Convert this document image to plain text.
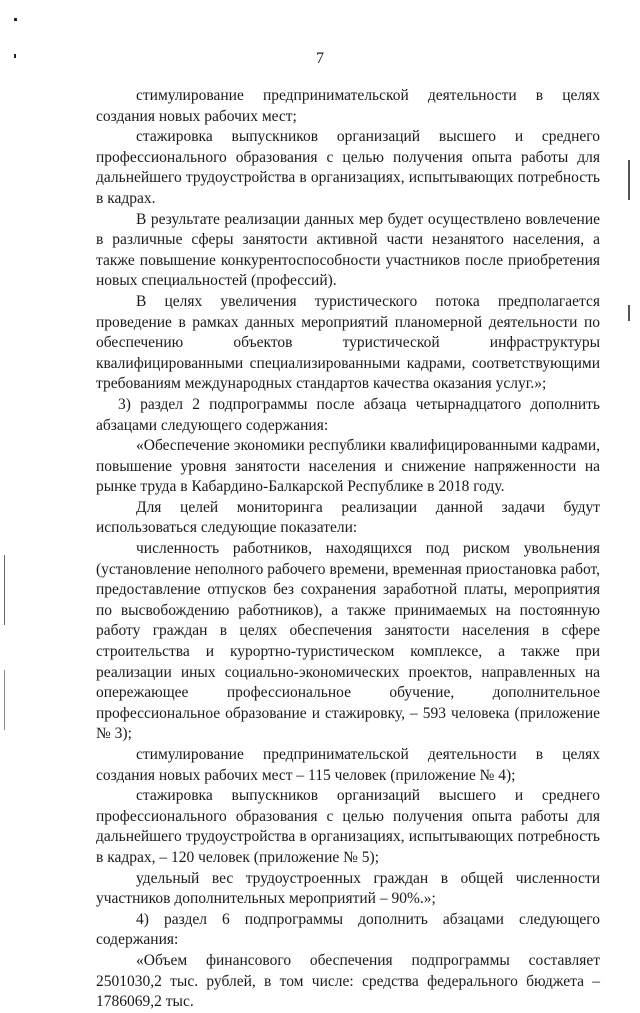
7

стимулирование предпринимательской деятельности в целях создания новых рабочих мест;

стажировка выпускников организаций высшего и среднего профессионального образования с целью получения опыта работы для дальнейшего трудоустройства в организациях, испытывающих потребность в кадрах.

В результате реализации данных мер будет осуществлено вовлечение в различные сферы занятости активной части незанятого населения, а также повышение конкурентоспособности участников после приобретения новых специальностей (профессий).

В целях увеличения туристического потока предполагается проведение в рамках данных мероприятий планомерной деятельности по обеспечению объектов туристической инфраструктуры квалифицированными специализированными кадрами, соответствующими требованиям международных стандартов качества оказания услуг.»;

3) раздел 2 подпрограммы после абзаца четырнадцатого дополнить абзацами следующего содержания:

«Обеспечение экономики республики квалифицированными кадрами, повышение уровня занятости населения и снижение напряженности на рынке труда в Кабардино-Балкарской Республике в 2018 году.

Для целей мониторинга реализации данной задачи будут использоваться следующие показатели:

численность работников, находящихся под риском увольнения (установление неполного рабочего времени, временная приостановка работ, предоставление отпусков без сохранения заработной платы, мероприятия по высвобождению работников), а также принимаемых на постоянную работу граждан в целях обеспечения занятости населения в сфере строительства и курортно-туристическом комплексе, а также при реализации иных социально-экономических проектов, направленных на опережающее профессиональное обучение, дополнительное профессиональное образование и стажировку, – 593 человека (приложение № 3);

стимулирование предпринимательской деятельности в целях создания новых рабочих мест – 115 человек (приложение № 4);

стажировка выпускников организаций высшего и среднего профессионального образования с целью получения опыта работы для дальнейшего трудоустройства в организациях, испытывающих потребность в кадрах, – 120 человек (приложение № 5);

удельный вес трудоустроенных граждан в общей численности участников дополнительных мероприятий – 90%.»;

4) раздел 6 подпрограммы дополнить абзацами следующего содержания:

«Объем финансового обеспечения подпрограммы составляет 2501030,2 тыс. рублей, в том числе: средства федерального бюджета – 1786069,2 тыс.
